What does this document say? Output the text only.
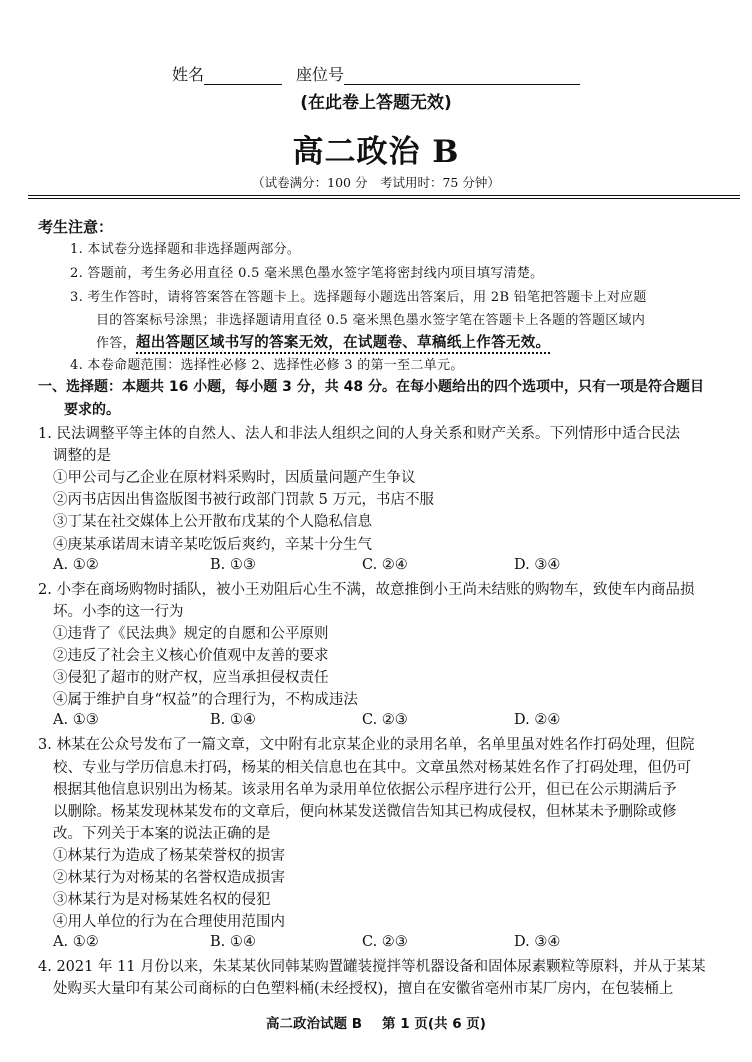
姓名	座位号
(在此卷上答题无效)
高二政治 B
（试卷满分：100 分　考试用时：75 分钟）
考生注意：
1. 本试卷分选择题和非选择题两部分。
2. 答题前，考生务必用直径 0.5 毫米黑色墨水签字笔将密封线内项目填写清楚。
3. 考生作答时，请将答案答在答题卡上。选择题每小题选出答案后，用 2B 铅笔把答题卡上对应题
目的答案标号涂黑；非选择题请用直径 0.5 毫米黑色墨水签字笔在答题卡上各题的答题区域内
作答，超出答题区域书写的答案无效，在试题卷、草稿纸上作答无效。
4. 本卷命题范围：选择性必修 2、选择性必修 3 的第一至二单元。
一、选择题：本题共 16 小题，每小题 3 分，共 48 分。在每小题给出的四个选项中，只有一项是符合题目
要求的。
1. 民法调整平等主体的自然人、法人和非法人组织之间的人身关系和财产关系。下列情形中适合民法
调整的是
①甲公司与乙企业在原材料采购时，因质量问题产生争议
②丙书店因出售盗版图书被行政部门罚款 5 万元，书店不服
③丁某在社交媒体上公开散布戊某的个人隐私信息
④庚某承诺周末请辛某吃饭后爽约，辛某十分生气
A. ①②	B. ①③	C. ②④	D. ③④
2. 小李在商场购物时插队，被小王劝阻后心生不满，故意推倒小王尚未结账的购物车，致使车内商品损
坏。小李的这一行为
①违背了《民法典》规定的自愿和公平原则
②违反了社会主义核心价值观中友善的要求
③侵犯了超市的财产权，应当承担侵权责任
④属于维护自身“权益”的合理行为，不构成违法
A. ①③	B. ①④	C. ②③	D. ②④
3. 林某在公众号发布了一篇文章，文中附有北京某企业的录用名单，名单里虽对姓名作打码处理，但院
校、专业与学历信息未打码，杨某的相关信息也在其中。文章虽然对杨某姓名作了打码处理，但仍可
根据其他信息识别出为杨某。该录用名单为录用单位依据公示程序进行公开，但已在公示期满后予
以删除。杨某发现林某发布的文章后，便向林某发送微信告知其已构成侵权，但林某未予删除或修
改。下列关于本案的说法正确的是
①林某行为造成了杨某荣誉权的损害
②林某行为对杨某的名誉权造成损害
③林某行为是对杨某姓名权的侵犯
④用人单位的行为在合理使用范围内
A. ①②	B. ①④	C. ②③	D. ③④
4. 2021 年 11 月份以来，朱某某伙同韩某购置罐装搅拌等机器设备和固体尿素颗粒等原料，并从于某某
处购买大量印有某公司商标的白色塑料桶(未经授权)，擅自在安徽省亳州市某厂房内，在包装桶上
高二政治试题 B 第 1 页(共 6 页)
